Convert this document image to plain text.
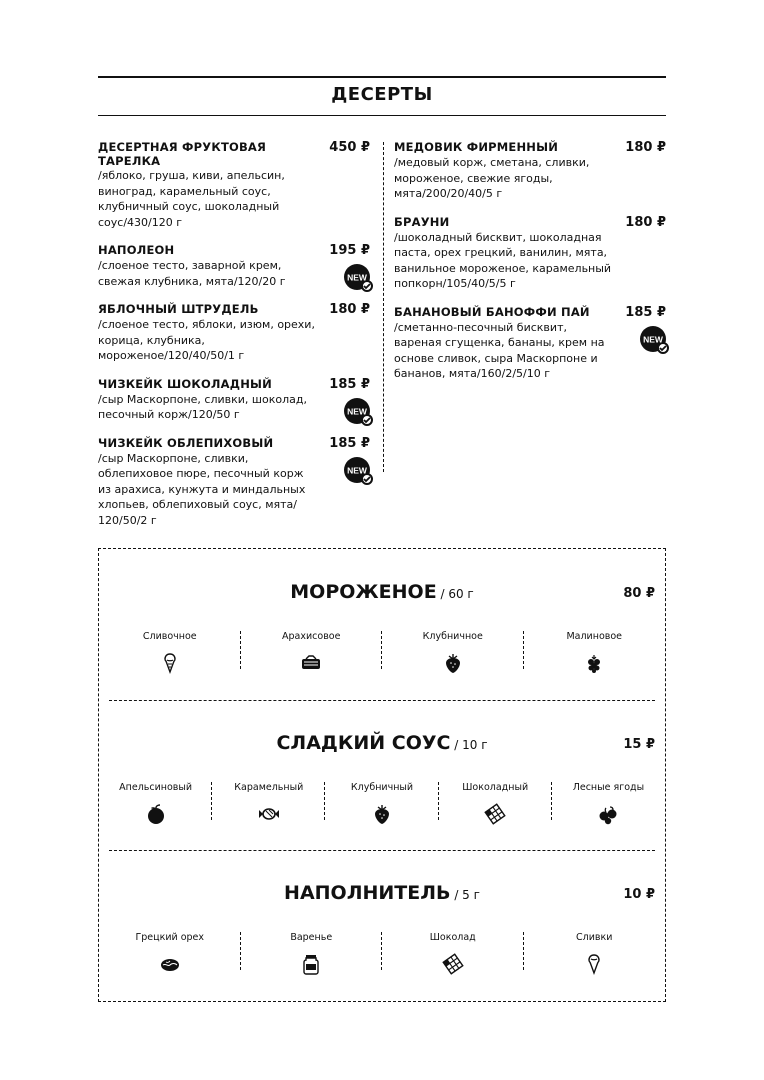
ДЕСЕРТЫ
ДЕСЕРТНАЯ ФРУКТОВАЯ ТАРЕЛКА
450 ₽
/яблоко, груша, киви, апельсин, виноград, карамельный соус, клубничный соус, шоколадный соус/430/120 г
НАПОЛЕОН	195 ₽
/слоеное тесто, заварной крем, свежая клубника, мята/120/20 г	NEW
ЯБЛОЧНЫЙ ШТРУДЕЛЬ	180 ₽
/слоеное тесто, яблоки, изюм, орехи, корица, клубника, мороженое/120/40/50/1 г
ЧИЗКЕЙК ШОКОЛАДНЫЙ	185 ₽
/сыр Маскорпоне, сливки, шоколад, песочный корж/120/50 г	NEW
ЧИЗКЕЙК ОБЛЕПИХОВЫЙ	185 ₽
/сыр Маскорпоне, сливки, облепиховое пюре, песочный корж из арахиса, кунжута и миндальных хлопьев, облепиховый соус, мята/ 120/50/2 г
NEW
МЕДОВИК ФИРМЕННЫЙ	180 ₽
/медовый корж, сметана, сливки, мороженое, свежие ягоды, мята/200/20/40/5 г
БРАУНИ	180 ₽
/шоколадный бисквит, шоколадная паста, орех грецкий, ванилин, мята, ванильное мороженое, карамельный попкорн/105/40/5/5 г
БАНАНОВЫЙ БАНОФФИ ПАЙ	185 ₽
/сметанно-песочный бисквит, вареная сгущенка, бананы, крем на основе сливок, сыра Маскорпоне и бананов, мята/160/2/5/10 г
NEW
МОРОЖЕНОЕ / 60 г	80 ₽
Сливочное	Арахисовое	Клубничное	Малиновое
СЛАДКИЙ СОУС / 10 г	15 ₽
Апельсиновый	Карамельный	Клубничный	Шоколадный	Лесные ягоды
НАПОЛНИТЕЛЬ / 5 г	10 ₽
Грецкий орех	Варенье	Шоколад	Сливки
